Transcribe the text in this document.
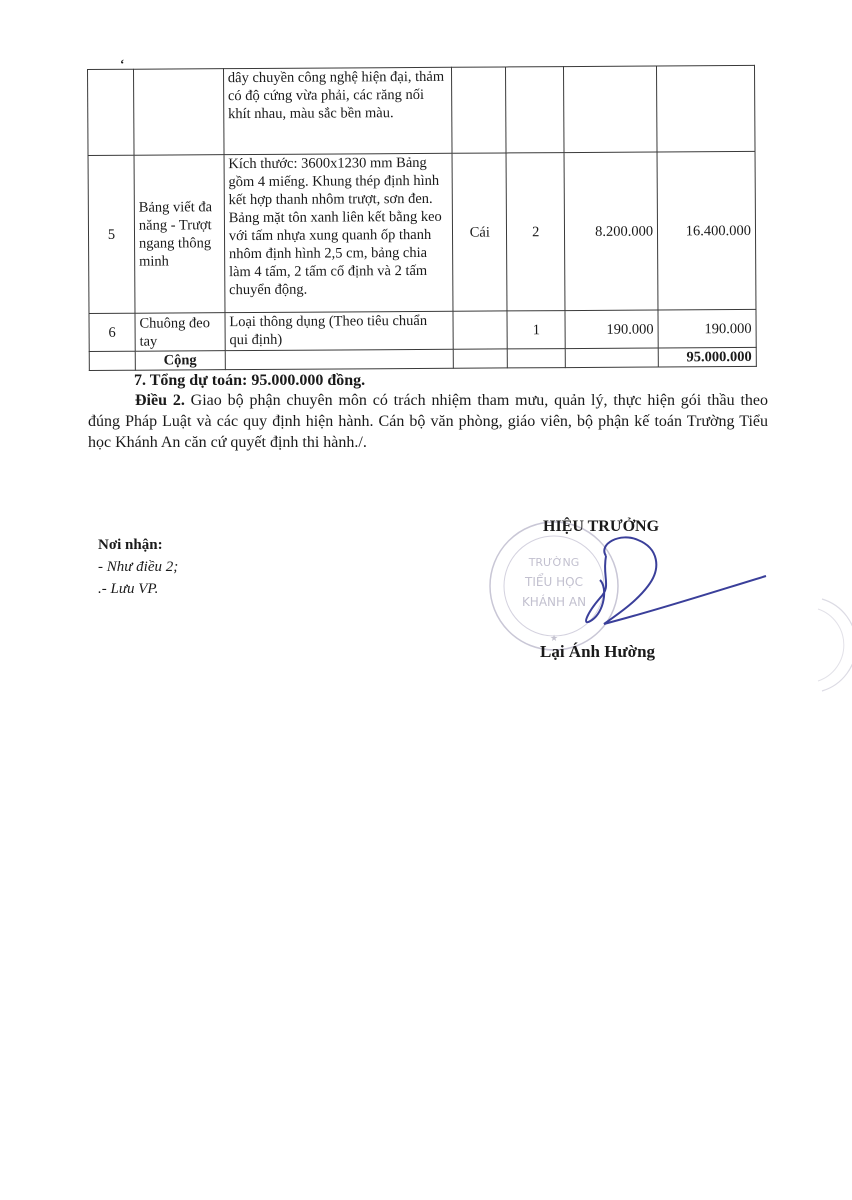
ʻ
		dây chuyền công nghệ hiện đại, thảm có độ cứng vừa phải, các răng nối khít nhau, màu sắc bền màu.				
5	Bảng viết đa năng - Trượt ngang thông minh	Kích thước: 3600x1230 mm Bảng gồm 4 miếng. Khung thép định hình kết hợp thanh nhôm trượt, sơn đen. Bảng mặt tôn xanh liên kết bằng keo với tấm nhựa xung quanh ốp thanh nhôm định hình 2,5 cm, bảng chia làm 4 tấm, 2 tấm cố định và 2 tấm chuyển động.	Cái	2	8.200.000	16.400.000
6	Chuông đeo tay	Loại thông dụng (Theo tiêu chuẩn qui định)		1	190.000	190.000
	Cộng					95.000.000
7. Tổng dự toán: 95.000.000 đồng.
Điều 2. Giao bộ phận chuyên môn có trách nhiệm tham mưu, quản lý, thực hiện gói thầu theo đúng Pháp Luật và các quy định hiện hành. Cán bộ văn phòng, giáo viên, bộ phận kế toán Trường Tiểu học Khánh An căn cứ quyết định thi hành./.
Nơi nhận:
- Như điều 2;
.- Lưu VP.
★
TRƯỜNG
TIỂU HỌC
KHÁNH AN
HIỆU TRƯỞNG
Lại Ánh Hường
